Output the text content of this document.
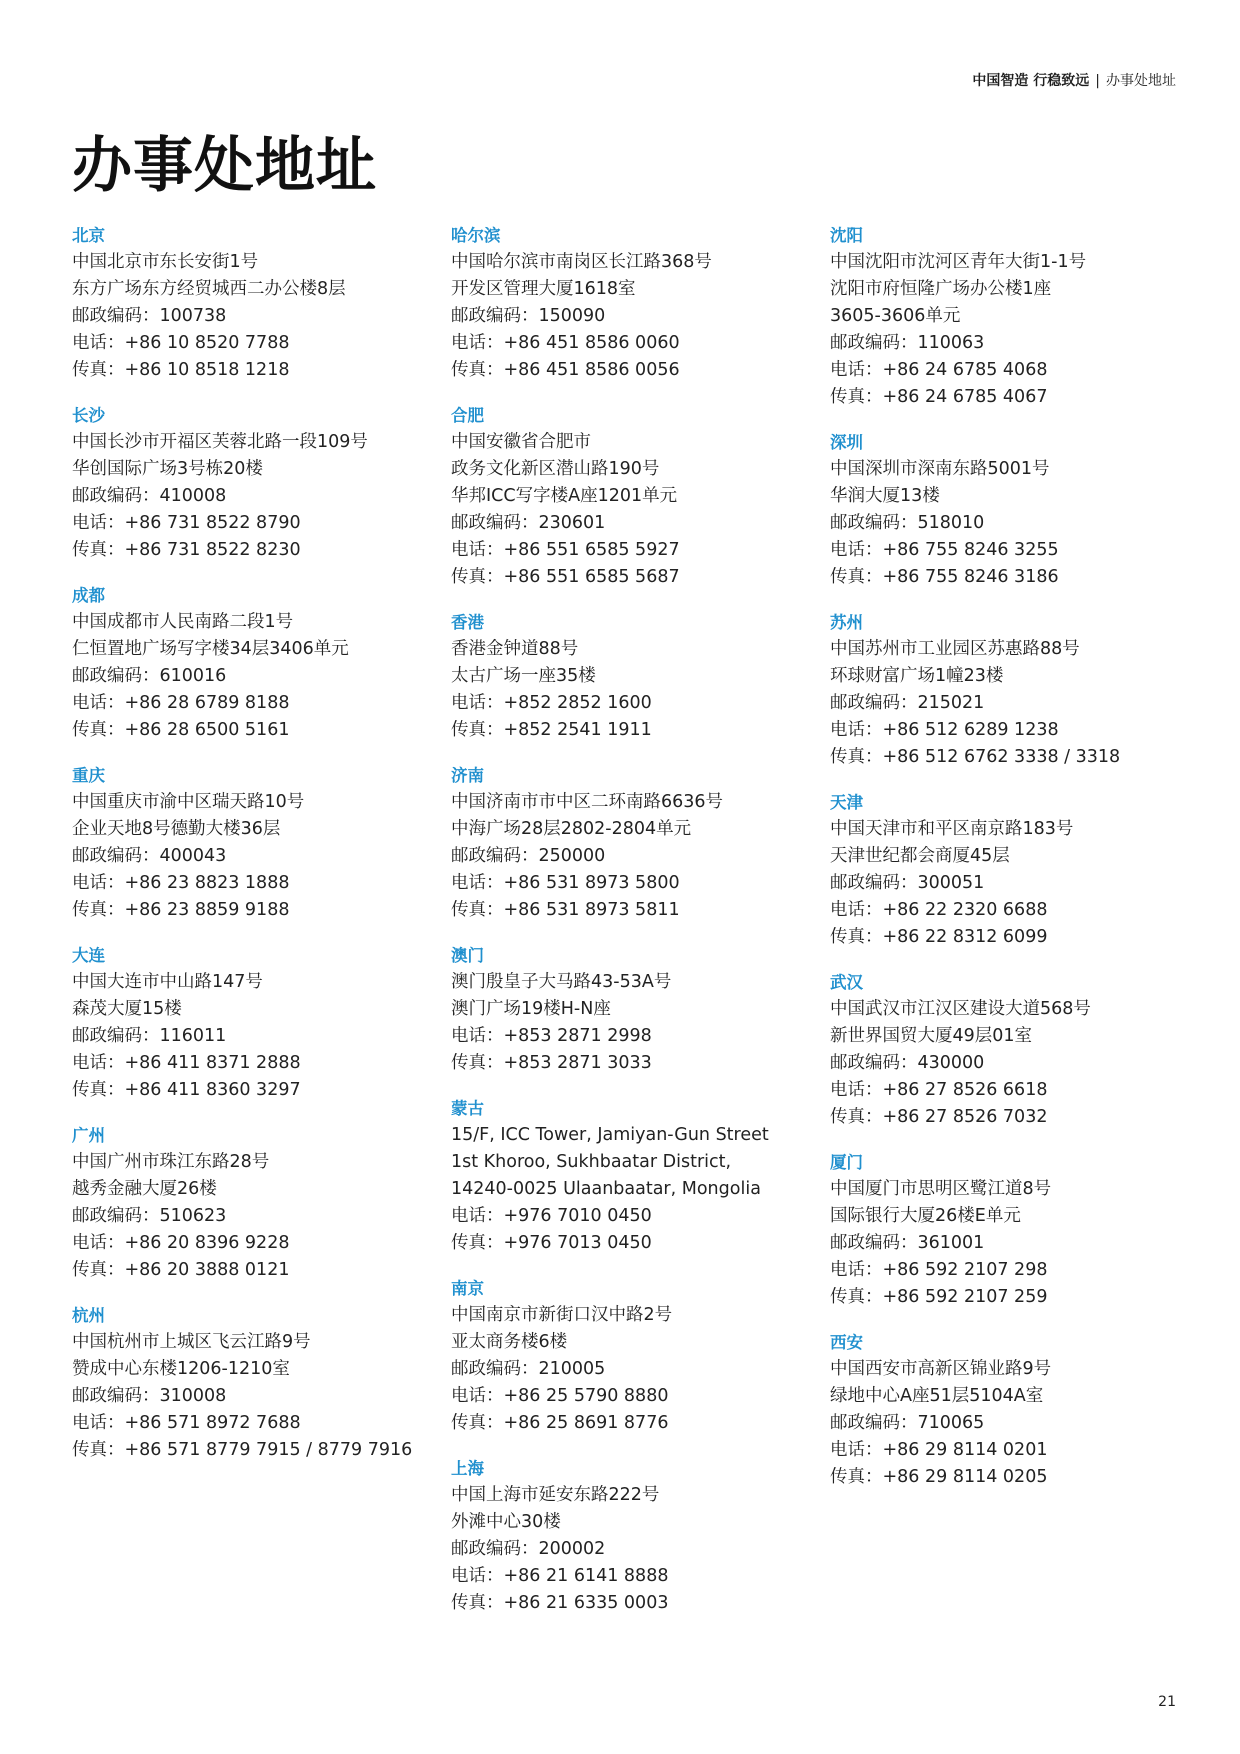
中国智造 行稳致远 | 办事处地址
办事处地址
北京
中国北京市东长安街1号
东方广场东方经贸城西二办公楼8层
邮政编码：100738
电话：+86 10 8520 7788
传真：+86 10 8518 1218
长沙
中国长沙市开福区芙蓉北路一段109号
华创国际广场3号栋20楼
邮政编码：410008
电话：+86 731 8522 8790
传真：+86 731 8522 8230
成都
中国成都市人民南路二段1号
仁恒置地广场写字楼34层3406单元
邮政编码：610016
电话：+86 28 6789 8188
传真：+86 28 6500 5161
重庆
中国重庆市渝中区瑞天路10号
企业天地8号德勤大楼36层
邮政编码：400043
电话：+86 23 8823 1888
传真：+86 23 8859 9188
大连
中国大连市中山路147号
森茂大厦15楼
邮政编码：116011
电话：+86 411 8371 2888
传真：+86 411 8360 3297
广州
中国广州市珠江东路28号
越秀金融大厦26楼
邮政编码：510623
电话：+86 20 8396 9228
传真：+86 20 3888 0121
杭州
中国杭州市上城区飞云江路9号
赞成中心东楼1206-1210室
邮政编码：310008
电话：+86 571 8972 7688
传真：+86 571 8779 7915 / 8779 7916
哈尔滨
中国哈尔滨市南岗区长江路368号
开发区管理大厦1618室
邮政编码：150090
电话：+86 451 8586 0060
传真：+86 451 8586 0056
合肥
中国安徽省合肥市
政务文化新区潜山路190号
华邦ICC写字楼A座1201单元
邮政编码：230601
电话：+86 551 6585 5927
传真：+86 551 6585 5687
香港
香港金钟道88号
太古广场一座35楼
电话：+852 2852 1600
传真：+852 2541 1911
济南
中国济南市市中区二环南路6636号
中海广场28层2802-2804单元
邮政编码：250000
电话：+86 531 8973 5800
传真：+86 531 8973 5811
澳门
澳门殷皇子大马路43-53A号
澳门广场19楼H-N座
电话：+853 2871 2998
传真：+853 2871 3033
蒙古
15/F, ICC Tower, Jamiyan-Gun Street
1st Khoroo, Sukhbaatar District,
14240-0025 Ulaanbaatar, Mongolia
电话：+976 7010 0450
传真：+976 7013 0450
南京
中国南京市新街口汉中路2号
亚太商务楼6楼
邮政编码：210005
电话：+86 25 5790 8880
传真：+86 25 8691 8776
上海
中国上海市延安东路222号
外滩中心30楼
邮政编码：200002
电话：+86 21 6141 8888
传真：+86 21 6335 0003
沈阳
中国沈阳市沈河区青年大街1-1号
沈阳市府恒隆广场办公楼1座
3605-3606单元
邮政编码：110063
电话：+86 24 6785 4068
传真：+86 24 6785 4067
深圳
中国深圳市深南东路5001号
华润大厦13楼
邮政编码：518010
电话：+86 755 8246 3255
传真：+86 755 8246 3186
苏州
中国苏州市工业园区苏惠路88号
环球财富广场1幢23楼
邮政编码：215021
电话：+86 512 6289 1238
传真：+86 512 6762 3338 / 3318
天津
中国天津市和平区南京路183号
天津世纪都会商厦45层
邮政编码：300051
电话：+86 22 2320 6688
传真：+86 22 8312 6099
武汉
中国武汉市江汉区建设大道568号
新世界国贸大厦49层01室
邮政编码：430000
电话：+86 27 8526 6618
传真：+86 27 8526 7032
厦门
中国厦门市思明区鹭江道8号
国际银行大厦26楼E单元
邮政编码：361001
电话：+86 592 2107 298
传真：+86 592 2107 259
西安
中国西安市高新区锦业路9号
绿地中心A座51层5104A室
邮政编码：710065
电话：+86 29 8114 0201
传真：+86 29 8114 0205
21
